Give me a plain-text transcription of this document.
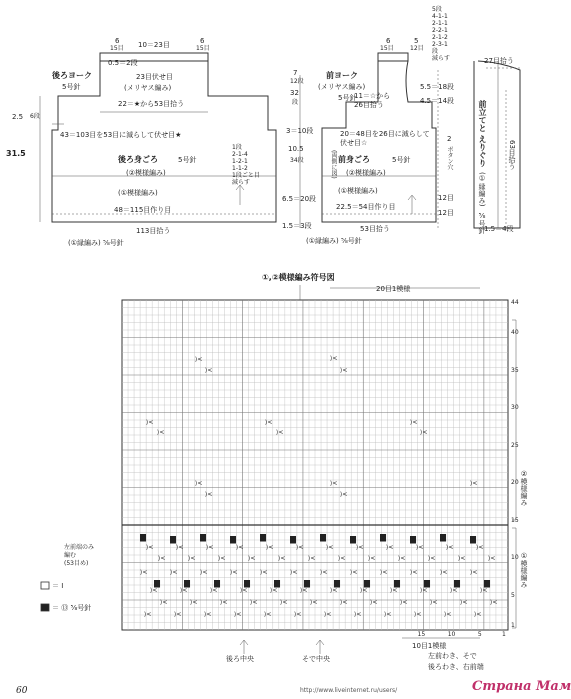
⟩<	⟩<
⟩<	⟩<
⟩<	⟩<	⟩<
⟩<	⟩<	⟩<
⟩<	⟩<
⟩<	⟩<
⟩<
⟩<
⟩<
⟩<
⟩<
⟩<
⟩<
⟩<
⟩<
⟩<
⟩<
⟩<
⟩<
⟩<
⟩<
⟩<
⟩<
⟩<
⟩<
⟩<
⟩<
⟩<
⟩<
⟩<
⟩<
⟩<
⟩<
⟩<
⟩<
⟩<
⟩<
⟩<
⟩<
⟩<
⟩<
⟩<
⟩<
⟩<
⟩<
⟩<
⟩<
⟩<
⟩<
⟩<
⟩<
⟩<
⟩<
⟩<
⟩<
⟩<
⟩<
⟩<
⟩<
⟩<
⟩<
⟩<
⟩<
⟩<
⟩<
⟩<
⟩<
⟩<
⟩<
⟩<
⟩<
⟩<
⟩<
⟩<
⟩<
⟩<
⟩<
⟩<
⟩<
6
15目 10＝23目	6
15目
後ろヨーク
5号針
0.5＝2段
23目伏せ目
(メリヤス編み)
22＝★から53目拾う
2.5 6段
43＝103目を53目に減らして伏せ目★
後ろ身ごろ	5号針
(②模様編み)
1段
2-1-4
1-2-1
1-1-2
1段ごと目
減らす
31.5
(①模様編み)
48＝115目作り目
113目拾う
(①縁編み) ⅝号針
6
15目
5
12目
5段
4-1-1
2-1-1
2-2-1
2-1-2
2-3-1
段
減らす
前ヨーク
(メリヤス編み)
5号針
11＝☆から 26目拾う
7
12段
32
段
5.5＝18段
4.5＝14段
3＝10段
前身ごろ	5号針
20＝48目を26目に減らして伏せ目☆
(②模様編み)
(両側に図)
10.5
34段
2
ボタン穴
(①模様編み)
6.5＝20段
22.5＝54目作り目
12目
12目
1.5＝3段	53目拾う
(①縁編み) ⅝号針
27目拾う
前立てと えりぐり
(①縁編み)
⅝号針
63目拾う
1.5＝4段
①,②模様編み符号図
20目1模様
44
40
35
30
25
20
15
10
5
1
1
5
10
15
②模様編み
①模様編み
左前端のみ
編む
(53目め)
＝ Ⅰ
＝ ⑬ ⅝号針
後ろ中央	そで中央
10目1模様
左前わき、そで
後ろわき、右前端
60	http://www.liveinternet.ru/users/	Страна Мам
